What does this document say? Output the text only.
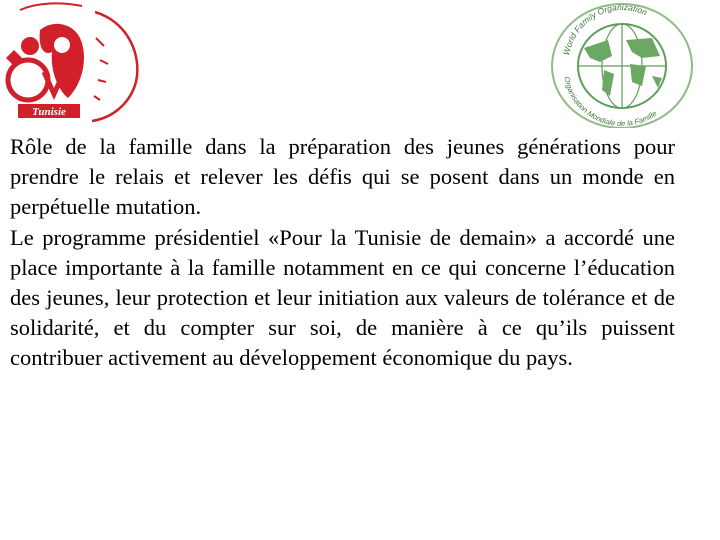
Tunisie
World Family Organization
Organisation Mondiale de la Famille

Rôle de la famille dans la préparation des jeunes générations pour prendre le relais et relever les défis qui se posent dans un monde en perpétuelle mutation.

Le programme présidentiel «Pour la Tunisie de demain» a accordé une place importante à la famille notamment en ce qui concerne l’éducation des jeunes, leur protection et leur initiation aux valeurs de tolérance et de solidarité, et du compter sur soi, de manière à ce qu’ils puissent contribuer activement au développement économique du pays.
